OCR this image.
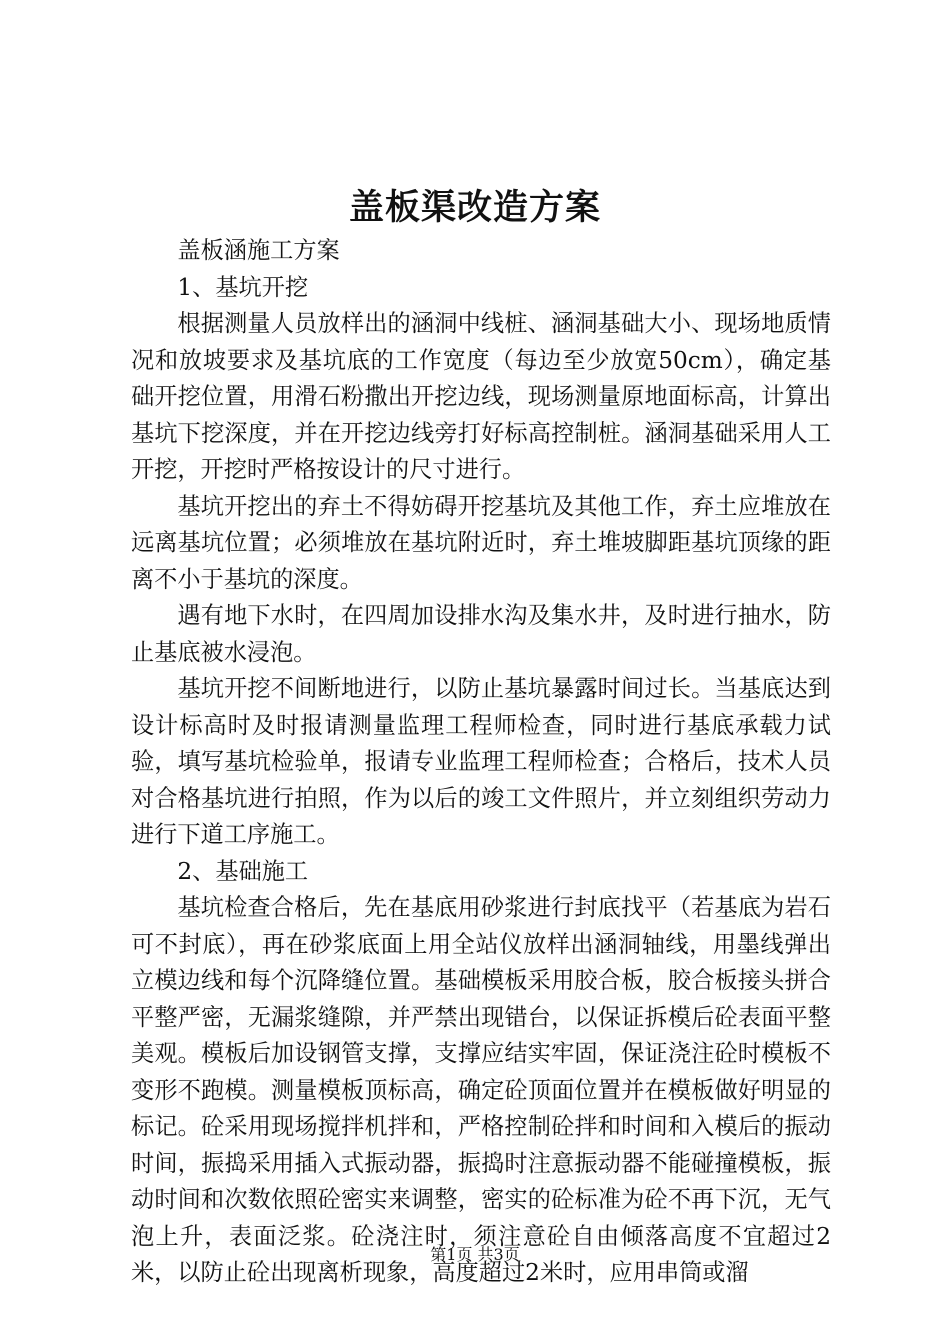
盖板渠改造方案

盖板涵施工方案

1、基坑开挖

根据测量人员放样出的涵洞中线桩、涵洞基础大小、现场地质情况和放坡要求及基坑底的工作宽度（每边至少放宽50cm），确定基础开挖位置，用滑石粉撒出开挖边线，现场测量原地面标高，计算出基坑下挖深度，并在开挖边线旁打好标高控制桩。涵洞基础采用人工开挖，开挖时严格按设计的尺寸进行。

基坑开挖出的弃土不得妨碍开挖基坑及其他工作，弃土应堆放在远离基坑位置；必须堆放在基坑附近时，弃土堆坡脚距基坑顶缘的距离不小于基坑的深度。

遇有地下水时，在四周加设排水沟及集水井，及时进行抽水，防止基底被水浸泡。

基坑开挖不间断地进行，以防止基坑暴露时间过长。当基底达到设计标高时及时报请测量监理工程师检查，同时进行基底承载力试验，填写基坑检验单，报请专业监理工程师检查；合格后，技术人员对合格基坑进行拍照，作为以后的竣工文件照片，并立刻组织劳动力进行下道工序施工。

2、基础施工

基坑检查合格后，先在基底用砂浆进行封底找平（若基底为岩石可不封底），再在砂浆底面上用全站仪放样出涵洞轴线，用墨线弹出立模边线和每个沉降缝位置。基础模板采用胶合板，胶合板接头拼合平整严密，无漏浆缝隙，并严禁出现错台，以保证拆模后砼表面平整美观。模板后加设钢管支撑，支撑应结实牢固，保证浇注砼时模板不变形不跑模。测量模板顶标高，确定砼顶面位置并在模板做好明显的标记。砼采用现场搅拌机拌和，严格控制砼拌和时间和入模后的振动时间，振捣采用插入式振动器，振捣时注意振动器不能碰撞模板，振动时间和次数依照砼密实来调整，密实的砼标准为砼不再下沉，无气泡上升，表面泛浆。砼浇注时，须注意砼自由倾落高度不宜超过2米，以防止砼出现离析现象，高度超过2米时，应用串筒或溜

第1页 共3页
